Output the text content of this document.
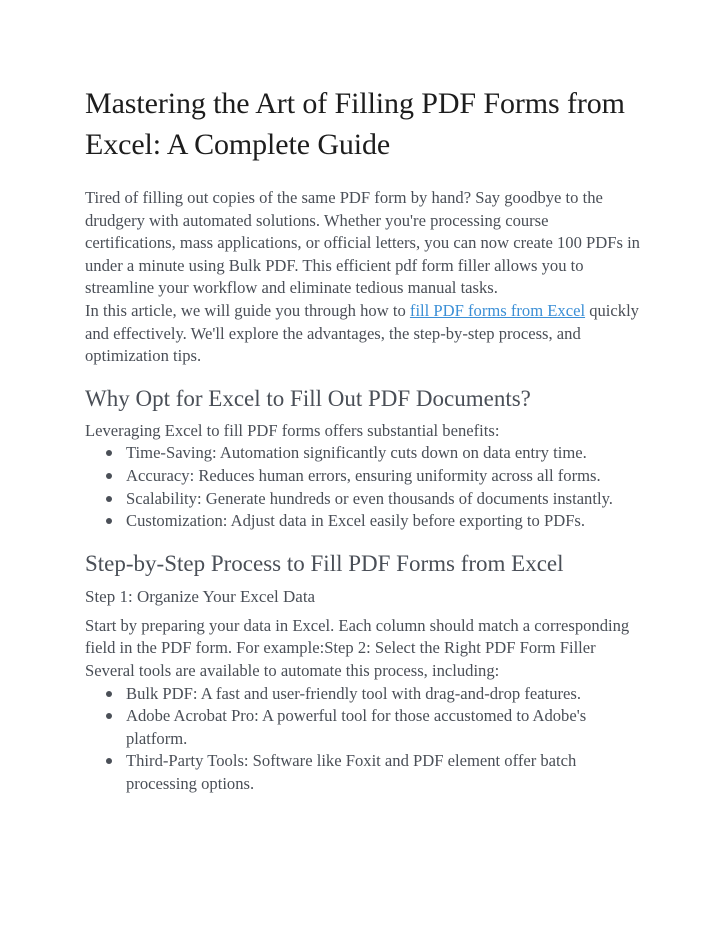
Mastering the Art of Filling PDF Forms from Excel: A Complete Guide

Tired of filling out copies of the same PDF form by hand? Say goodbye to the drudgery with automated solutions. Whether you're processing course certifications, mass applications, or official letters, you can now create 100 PDFs in under a minute using Bulk PDF. This efficient pdf form filler allows you to streamline your workflow and eliminate tedious manual tasks.
In this article, we will guide you through how to fill PDF forms from Excel quickly and effectively. We'll explore the advantages, the step-by-step process, and optimization tips.

Why Opt for Excel to Fill Out PDF Documents?

Leveraging Excel to fill PDF forms offers substantial benefits:

Time-Saving: Automation significantly cuts down on data entry time.
Accuracy: Reduces human errors, ensuring uniformity across all forms.
Scalability: Generate hundreds or even thousands of documents instantly.
Customization: Adjust data in Excel easily before exporting to PDFs.
Step-by-Step Process to Fill PDF Forms from Excel
Step 1: Organize Your Excel Data

Start by preparing your data in Excel. Each column should match a corresponding field in the PDF form. For example:Step 2: Select the Right PDF Form Filler

Several tools are available to automate this process, including:

Bulk PDF: A fast and user-friendly tool with drag-and-drop features.
Adobe Acrobat Pro: A powerful tool for those accustomed to Adobe's platform.
Third-Party Tools: Software like Foxit and PDF element offer batch processing options.
